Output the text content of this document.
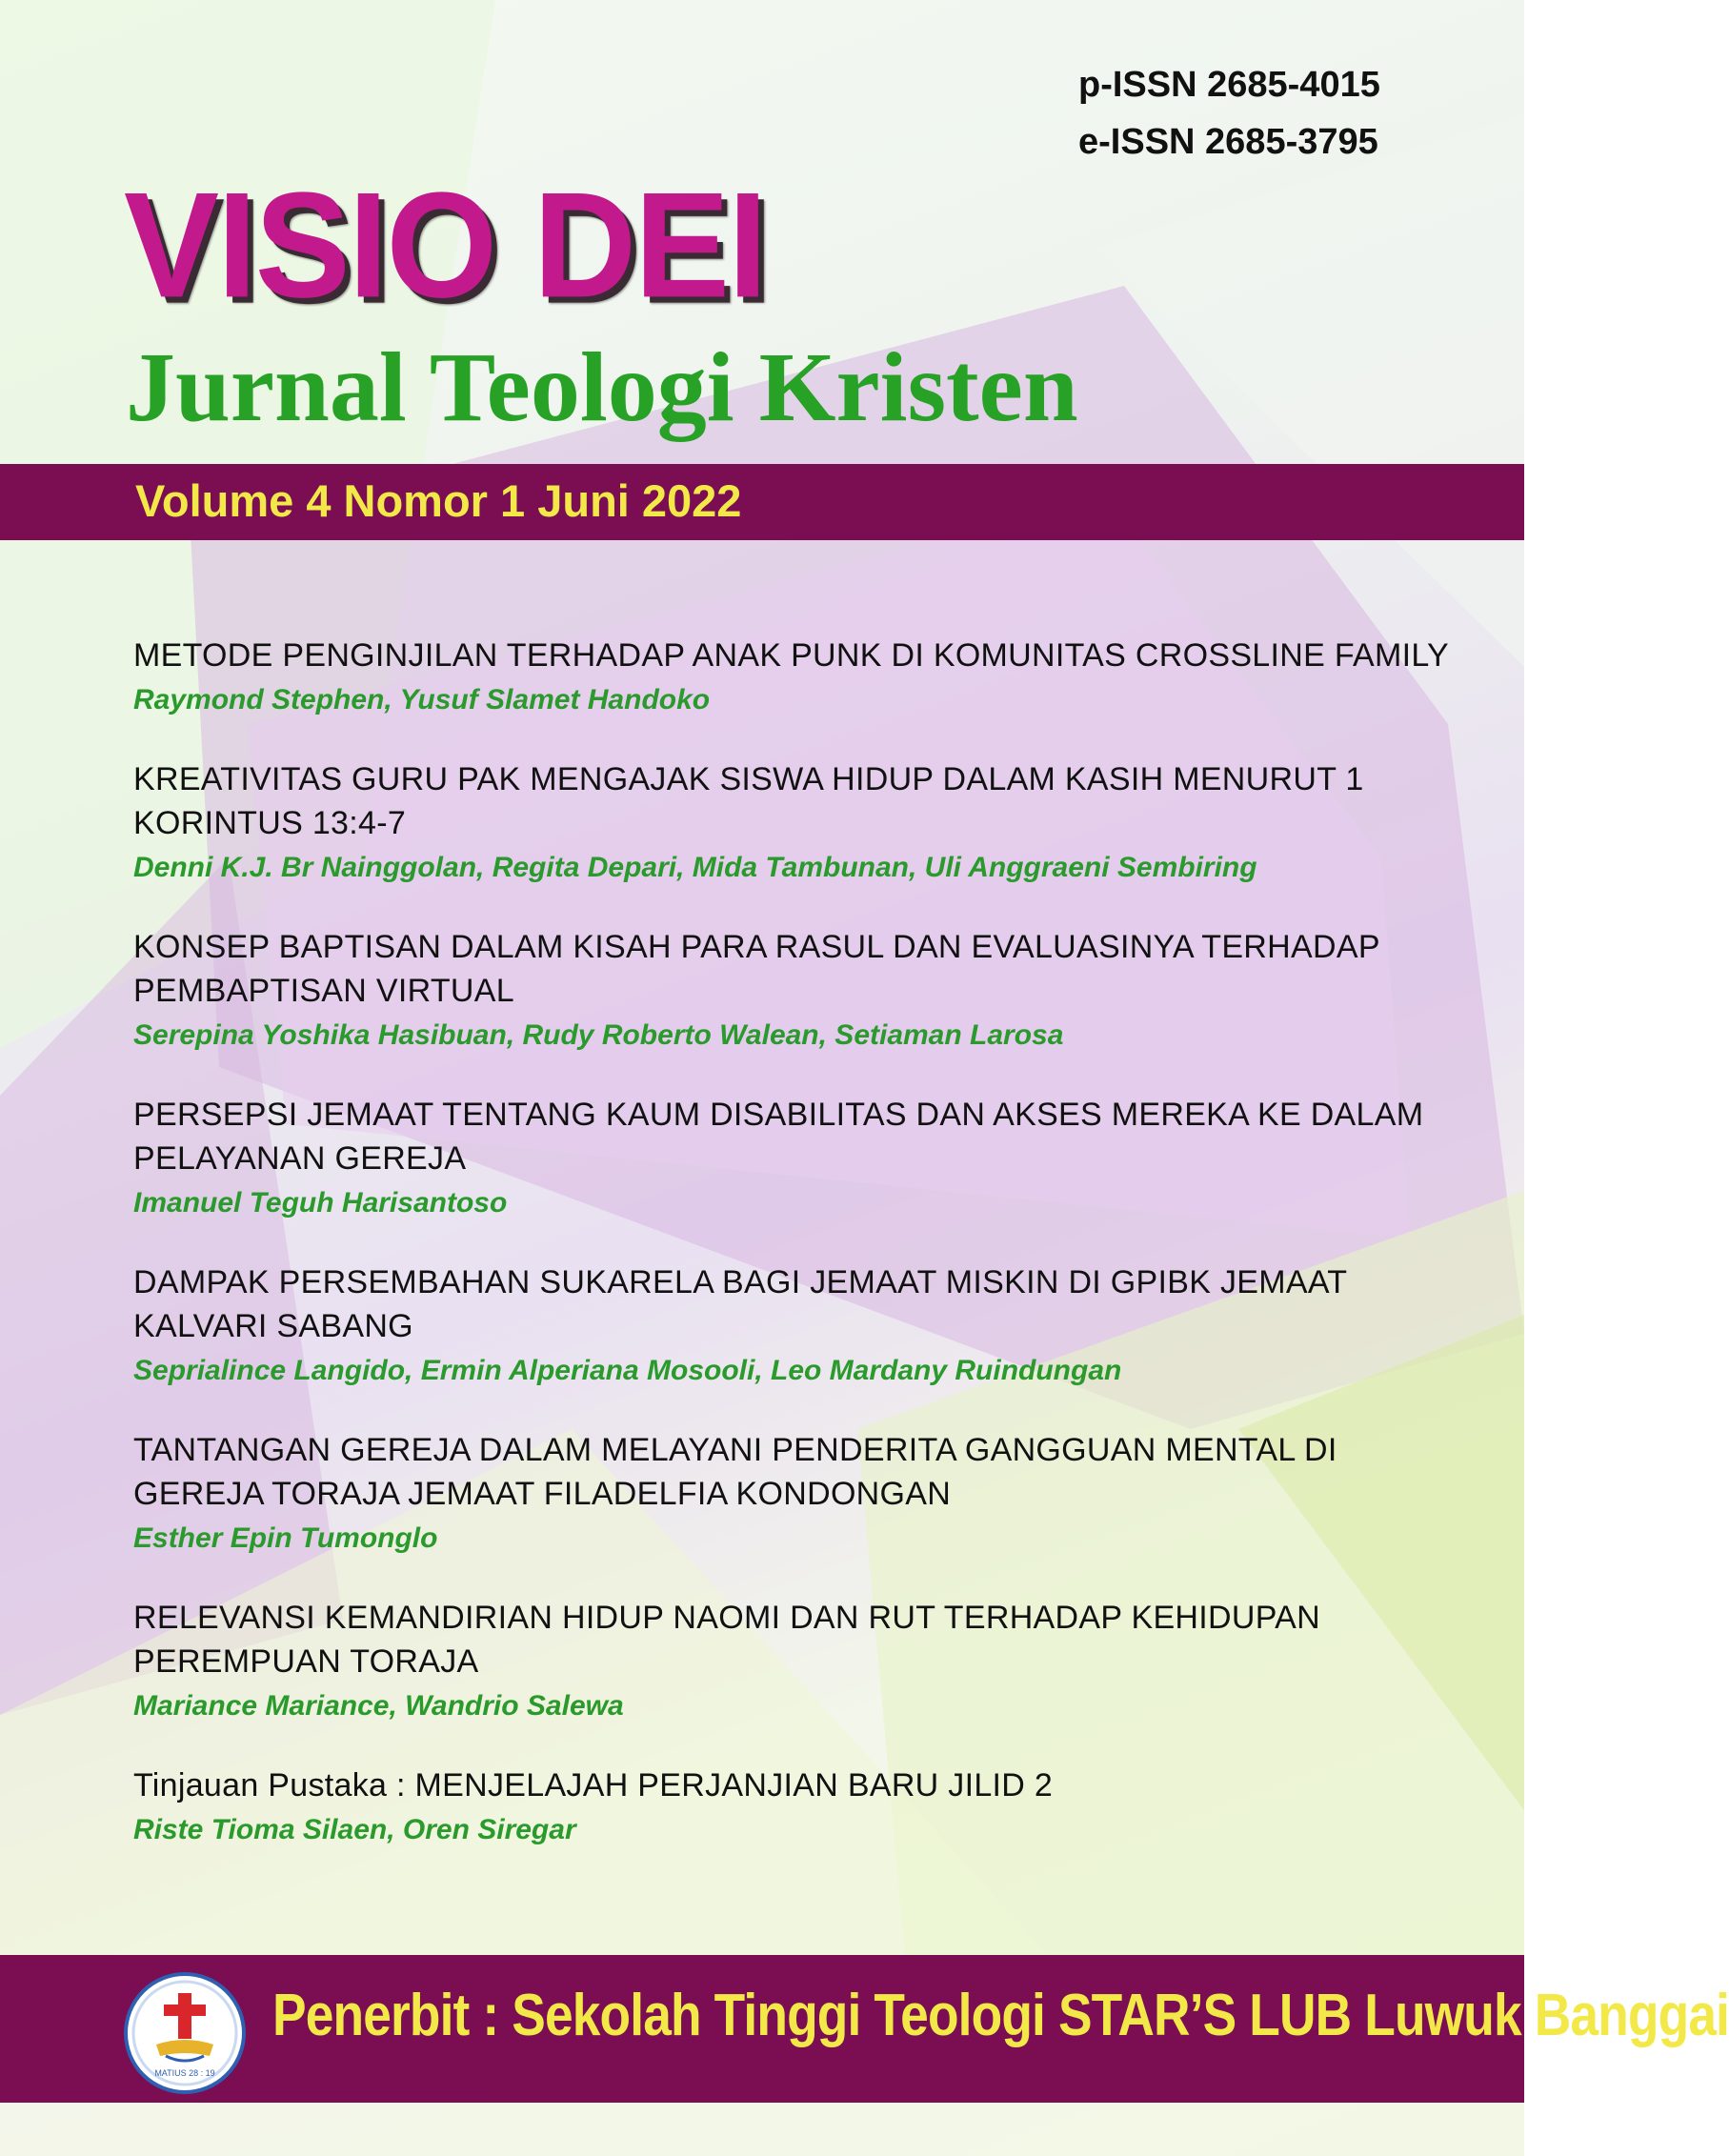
p-ISSN 2685-4015
e-ISSN 2685-3795
VISIO DEI
Jurnal Teologi Kristen
Volume 4 Nomor 1 Juni 2022

METODE PENGINJILAN TERHADAP ANAK PUNK DI KOMUNITAS CROSSLINE FAMILY

Raymond Stephen, Yusuf Slamet Handoko

KREATIVITAS GURU PAK MENGAJAK SISWA HIDUP DALAM KASIH MENURUT 1 KORINTUS 13:4-7

Denni K.J. Br Nainggolan, Regita Depari, Mida Tambunan, Uli Anggraeni Sembiring

KONSEP BAPTISAN DALAM KISAH PARA RASUL DAN EVALUASINYA TERHADAP PEMBAPTISAN VIRTUAL

Serepina Yoshika Hasibuan, Rudy Roberto Walean, Setiaman Larosa

PERSEPSI JEMAAT TENTANG KAUM DISABILITAS DAN AKSES MEREKA KE DALAM PELAYANAN GEREJA

Imanuel Teguh Harisantoso

DAMPAK PERSEMBAHAN SUKARELA BAGI JEMAAT MISKIN DI GPIBK JEMAAT KALVARI SABANG

Seprialince Langido, Ermin Alperiana Mosooli, Leo Mardany Ruindungan

TANTANGAN GEREJA DALAM MELAYANI PENDERITA GANGGUAN MENTAL DI GEREJA TORAJA JEMAAT FILADELFIA KONDONGAN

Esther Epin Tumonglo

RELEVANSI KEMANDIRIAN HIDUP NAOMI DAN RUT TERHADAP KEHIDUPAN PEREMPUAN TORAJA

Mariance Mariance, Wandrio Salewa

Tinjauan Pustaka : MENJELAJAH PERJANJIAN BARU JILID 2

Riste Tioma Silaen, Oren Siregar

MATIUS 28 : 19
Penerbit : Sekolah Tinggi Teologi STAR’S LUB Luwuk Banggai
